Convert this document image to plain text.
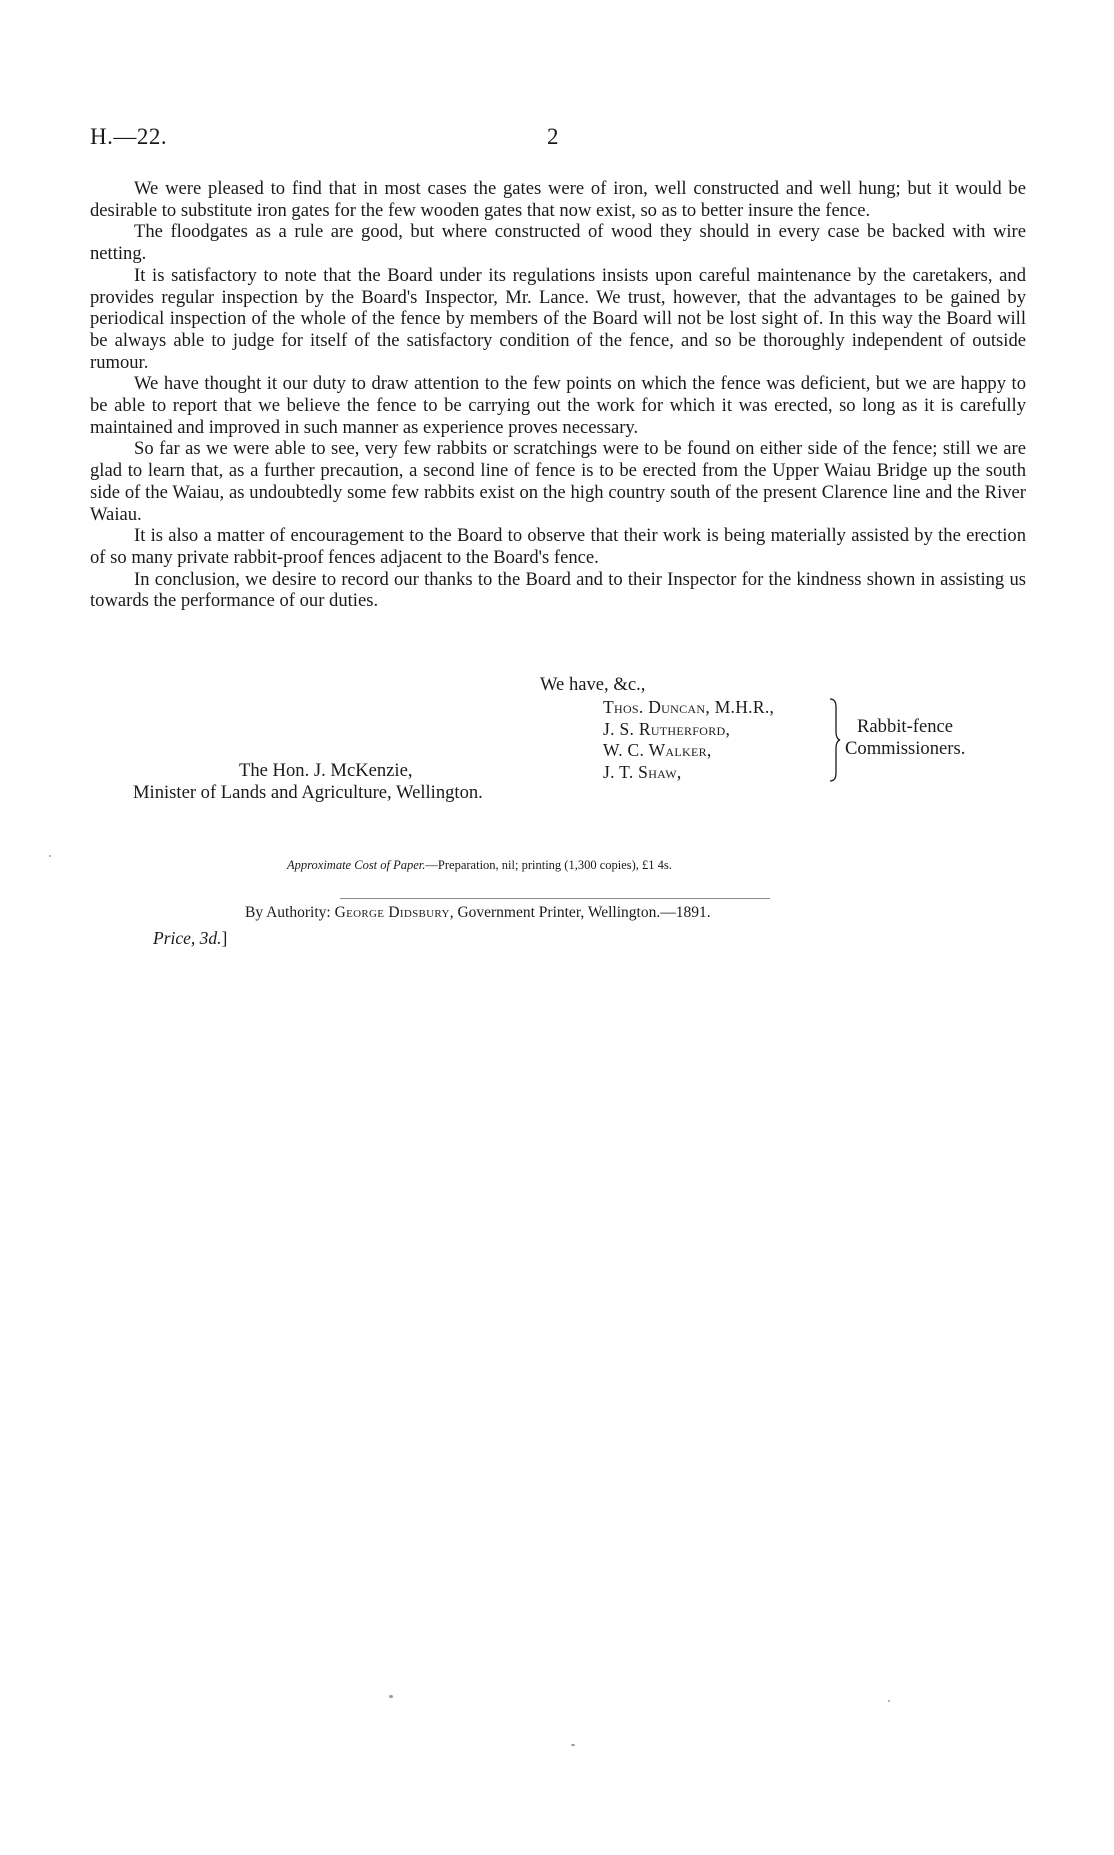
H.—22.	2

We were pleased to find that in most cases the gates were of iron, well constructed and well hung; but it would be desirable to substitute iron gates for the few wooden gates that now exist, so as to better insure the fence.

The floodgates as a rule are good, but where constructed of wood they should in every case be backed with wire netting.

It is satisfactory to note that the Board under its regulations insists upon careful maintenance by the caretakers, and provides regular inspection by the Board's Inspector, Mr. Lance. We trust, however, that the advantages to be gained by periodical inspection of the whole of the fence by members of the Board will not be lost sight of. In this way the Board will be always able to judge for itself of the satisfactory condition of the fence, and so be thoroughly independent of outside rumour.

We have thought it our duty to draw attention to the few points on which the fence was deficient, but we are happy to be able to report that we believe the fence to be carrying out the work for which it was erected, so long as it is carefully maintained and improved in such manner as experience proves necessary.

So far as we were able to see, very few rabbits or scratchings were to be found on either side of the fence; still we are glad to learn that, as a further precaution, a second line of fence is to be erected from the Upper Waiau Bridge up the south side of the Waiau, as undoubtedly some few rabbits exist on the high country south of the present Clarence line and the River Waiau.

It is also a matter of encouragement to the Board to observe that their work is being materially assisted by the erection of so many private rabbit-proof fences adjacent to the Board's fence.

In conclusion, we desire to record our thanks to the Board and to their Inspector for the kindness shown in assisting us towards the performance of our duties.

We have, &c.,
Thos. Duncan, M.H.R.,
J. S. Rutherford,
W. C. Walker,
J. T. Shaw,
Rabbit-fence
Commissioners.
The Hon. J. McKenzie,
Minister of Lands and Agriculture, Wellington.
Approximate Cost of Paper.—Preparation, nil; printing (1,300 copies), £1 4s.
By Authority: George Didsbury, Government Printer, Wellington.—1891.
Price, 3d.]
